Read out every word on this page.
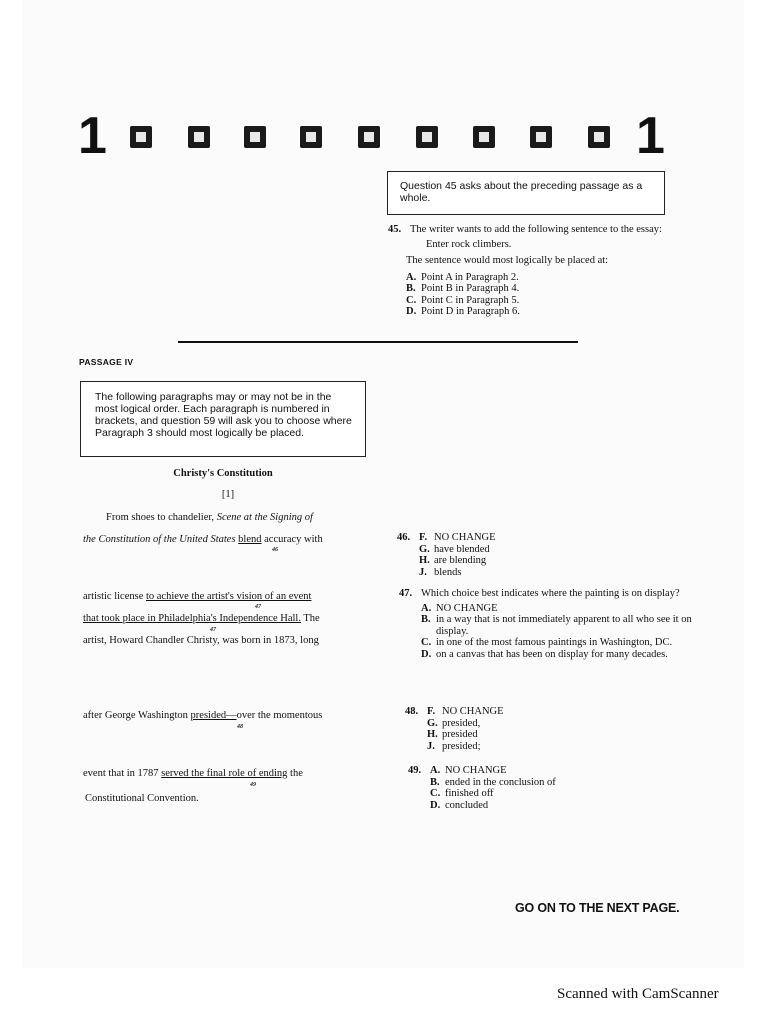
1	1
Question 45 asks about the preceding passage as a whole.
45. The writer wants to add the following sentence to the essay:
Enter rock climbers.
The sentence would most logically be placed at:
A. Point A in Paragraph 2.
B. Point B in Paragraph 4.
C. Point C in Paragraph 5.
D. Point D in Paragraph 6.
PASSAGE IV
The following paragraphs may or may not be in the most logical order. Each paragraph is numbered in brackets, and question 59 will ask you to choose where Paragraph 3 should most logically be placed.
Christy's Constitution
[1]
From shoes to chandelier, Scene at the Signing of
the Constitution of the United States blend accuracy with
46
artistic license to achieve the artist's vision of an event
47
that took place in Philadelphia's Independence Hall. The
47
artist, Howard Chandler Christy, was born in 1873, long
after George Washington presided—over the momentous
48
event that in 1787 served the final role of ending the
49
Constitutional Convention.
46. F. NO CHANGE
G. have blended
H. are blending
J. blends
47. Which choice best indicates where the painting is on display?
A. NO CHANGE
B. in a way that is not immediately apparent to all who see it on display.
C. in one of the most famous paintings in Washington, DC.
D. on a canvas that has been on display for many decades.
48. F. NO CHANGE
G. presided,
H. presided
J. presided;
49. A. NO CHANGE
B. ended in the conclusion of
C. finished off
D. concluded
GO ON TO THE NEXT PAGE.
Scanned with CamScanner
